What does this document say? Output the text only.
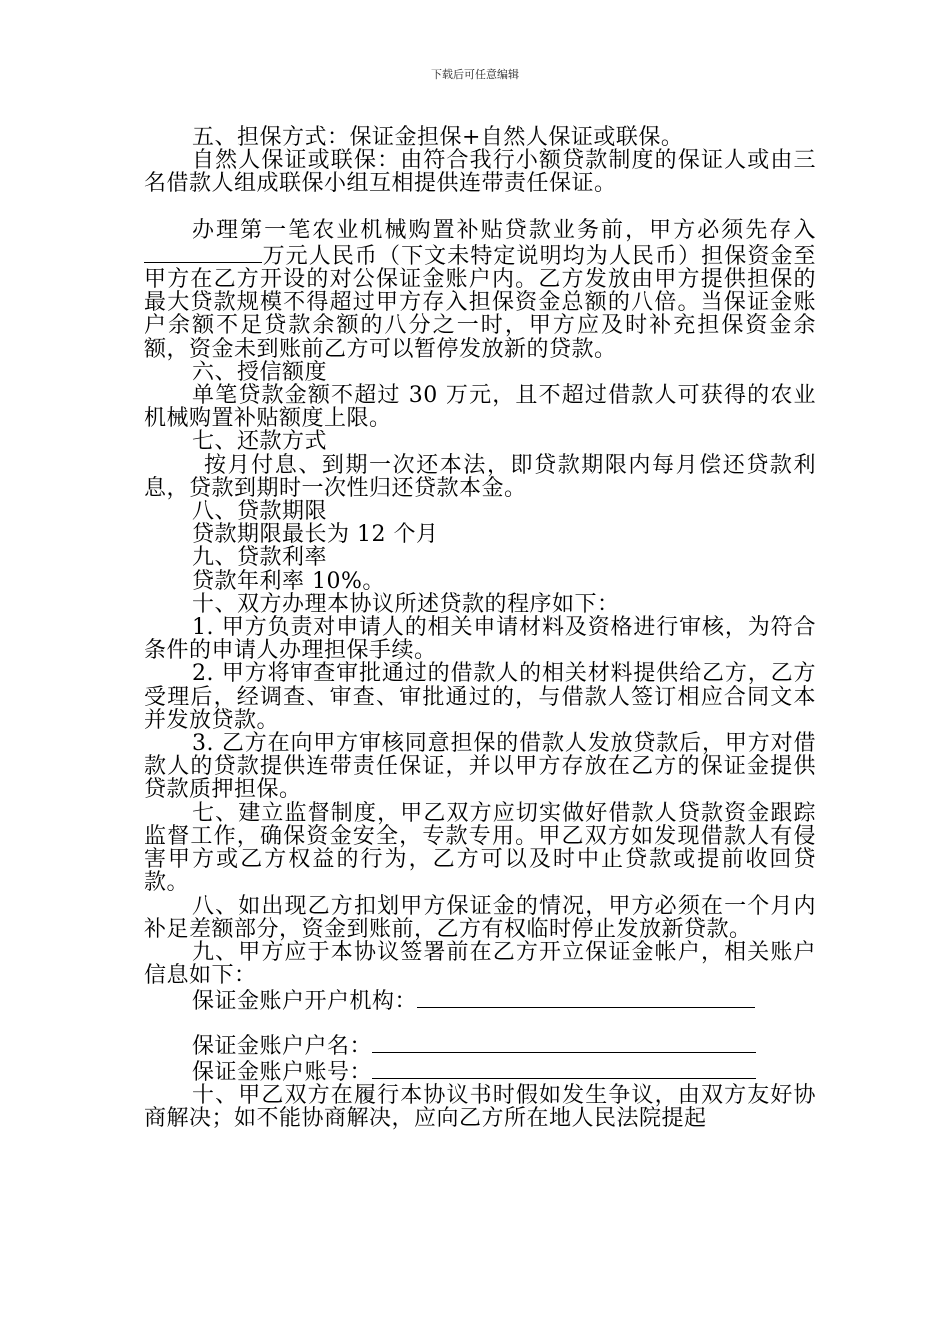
下载后可任意编辑

五、担保方式：保证金担保+自然人保证或联保。

自然人保证或联保：由符合我行小额贷款制度的保证人或由三名借款人组成联保小组互相提供连带责任保证。

办理第一笔农业机械购置补贴贷款业务前，甲方必须先存入万元人民币（下文未特定说明均为人民币）担保资金至甲方在乙方开设的对公保证金账户内。乙方发放由甲方提供担保的最大贷款规模不得超过甲方存入担保资金总额的八倍。当保证金账户余额不足贷款余额的八分之一时，甲方应及时补充担保资金余额，资金未到账前乙方可以暂停发放新的贷款。

六、授信额度

单笔贷款金额不超过 30 万元，且不超过借款人可获得的农业机械购置补贴额度上限。

七、还款方式

按月付息、到期一次还本法，即贷款期限内每月偿还贷款利息，贷款到期时一次性归还贷款本金。

八、贷款期限

贷款期限最长为 12 个月

九、贷款利率

贷款年利率 10%。

十、双方办理本协议所述贷款的程序如下：

1. 甲方负责对申请人的相关申请材料及资格进行审核，为符合条件的申请人办理担保手续。

2. 甲方将审查审批通过的借款人的相关材料提供给乙方，乙方受理后，经调查、审查、审批通过的，与借款人签订相应合同文本并发放贷款。

3. 乙方在向甲方审核同意担保的借款人发放贷款后，甲方对借款人的贷款提供连带责任保证，并以甲方存放在乙方的保证金提供贷款质押担保。

七、建立监督制度，甲乙双方应切实做好借款人贷款资金跟踪监督工作，确保资金安全，专款专用。甲乙双方如发现借款人有侵害甲方或乙方权益的行为，乙方可以及时中止贷款或提前收回贷款。

八、如出现乙方扣划甲方保证金的情况，甲方必须在一个月内补足差额部分，资金到账前，乙方有权临时停止发放新贷款。

九、甲方应于本协议签署前在乙方开立保证金帐户，相关账户信息如下：

保证金账户开户机构：

保证金账户户名：

保证金账户账号：

十、甲乙双方在履行本协议书时假如发生争议，由双方友好协商解决；如不能协商解决，应向乙方所在地人民法院提起
